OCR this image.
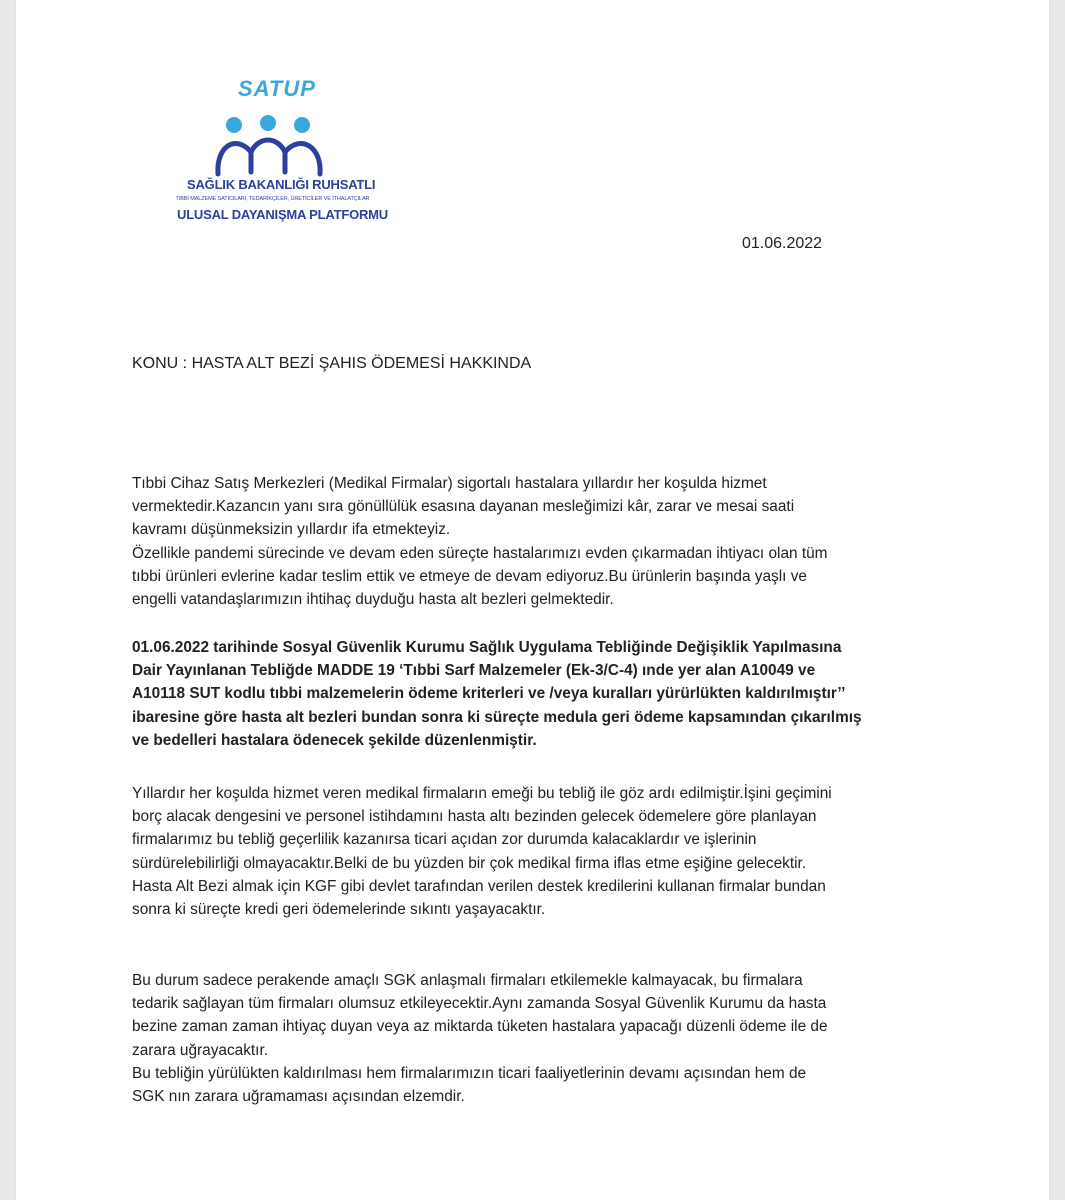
SATUP
SAĞLIK BAKANLIĞI RUHSATLI
TIBBİ MALZEME SATICILARI, TEDARİKÇİLER, ÜRETİCİLER VE İTHALATÇILAR
ULUSAL DAYANIŞMA PLATFORMU
01.06.2022
KONU : HASTA ALT BEZİ ŞAHIS ÖDEMESİ HAKKINDA
Tıbbi Cihaz Satış Merkezleri (Medikal Firmalar) sigortalı hastalara yıllardır her koşulda hizmet
vermektedir.Kazancın yanı sıra gönüllülük esasına dayanan mesleğimizi kâr, zarar ve mesai saati
kavramı düşünmeksizin yıllardır ifa etmekteyiz.
Özellikle pandemi sürecinde ve devam eden süreçte hastalarımızı evden çıkarmadan ihtiyacı olan tüm
tıbbi ürünleri evlerine kadar teslim ettik ve etmeye de devam ediyoruz.Bu ürünlerin başında yaşlı ve
engelli vatandaşlarımızın ihtihaç duyduğu hasta alt bezleri gelmektedir.
01.06.2022 tarihinde Sosyal Güvenlik Kurumu Sağlık Uygulama Tebliğinde Değişiklik Yapılmasına
Dair Yayınlanan Tebliğde MADDE 19 ‘Tıbbi Sarf Malzemeler (Ek-3/C-4) ınde yer alan A10049 ve
A10118 SUT kodlu tıbbi malzemelerin ödeme kriterleri ve /veya kuralları yürürlükten kaldırılmıştır’’
ibaresine göre hasta alt bezleri bundan sonra ki süreçte medula geri ödeme kapsamından çıkarılmış
ve bedelleri hastalara ödenecek şekilde düzenlenmiştir.
Yıllardır her koşulda hizmet veren medikal firmaların emeği bu tebliğ ile göz ardı edilmiştir.İşini geçimini
borç alacak dengesini ve personel istihdamını hasta altı bezinden gelecek ödemelere göre planlayan
firmalarımız bu tebliğ geçerlilik kazanırsa ticari açıdan zor durumda kalacaklardır ve işlerinin
sürdürelebilirliği olmayacaktır.Belki de bu yüzden bir çok medikal firma iflas etme eşiğine gelecektir.
Hasta Alt Bezi almak için KGF gibi devlet tarafından verilen destek kredilerini kullanan firmalar bundan
sonra ki süreçte kredi geri ödemelerinde sıkıntı yaşayacaktır.
Bu durum sadece perakende amaçlı SGK anlaşmalı firmaları etkilemekle kalmayacak, bu firmalara
tedarik sağlayan tüm firmaları olumsuz etkileyecektir.Aynı zamanda Sosyal Güvenlik Kurumu da hasta
bezine zaman zaman ihtiyaç duyan veya az miktarda tüketen hastalara yapacağı düzenli ödeme ile de
zarara uğrayacaktır.
Bu tebliğin yürülükten kaldırılması hem firmalarımızın ticari faaliyetlerinin devamı açısından hem de
SGK nın zarara uğramaması açısından elzemdir.
